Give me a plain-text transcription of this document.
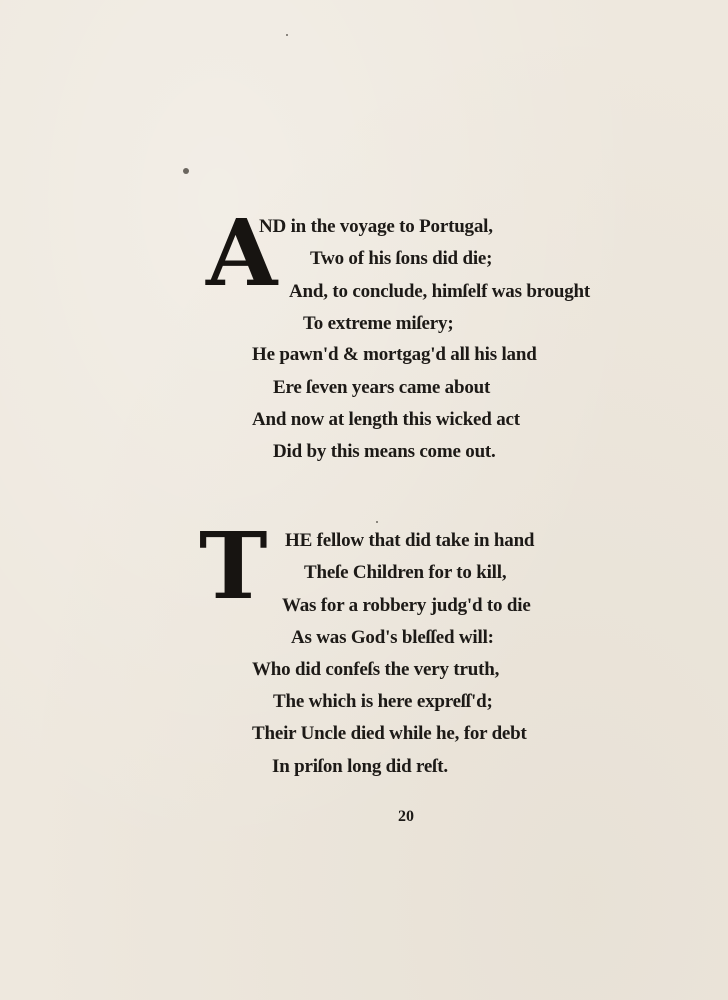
A
ND in the voyage to Portugal,
Two of his ſons did die;
And, to conclude, himſelf was brought
To extreme miſery;
He pawn'd & mortgag'd all his land
Ere ſeven years came about
And now at length this wicked act
Did by this means come out.
T HE fellow that did take in hand
Theſe Children for to kill,
Was for a robbery judg'd to die
As was God's bleſſed will:
Who did confeſs the very truth,
The which is here expreſſ'd;
Their Uncle died while he, for debt
In priſon long did reſt.
20
